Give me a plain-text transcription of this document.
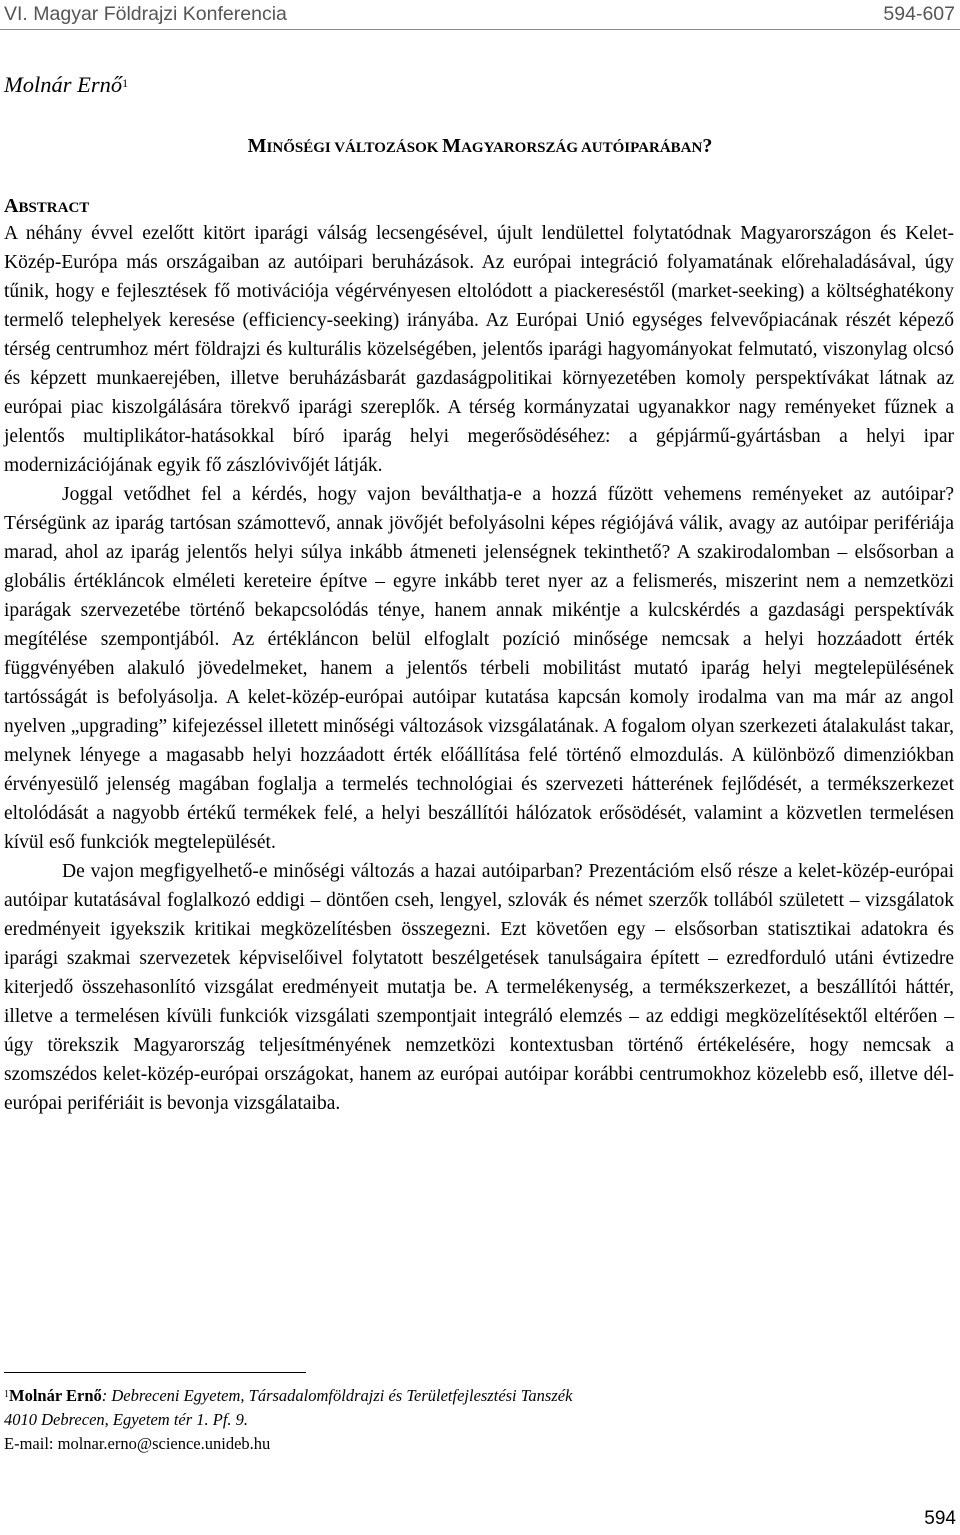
VI. Magyar Földrajzi Konferencia	594-607
Molnár Ernő$^1$
MINŐSÉGI VÁLTOZÁSOK MAGYARORSZÁG AUTÓIPARÁBAN?
ABSTRACT

A néhány évvel ezelőtt kitört iparági válság lecsengésével, újult lendülettel folytatódnak Magyarországon és Kelet-Közép-Európa más országaiban az autóipari beruházások. Az európai integráció folyamatának előrehaladásával, úgy tűnik, hogy e fejlesztések fő motivációja végérvényesen eltolódott a piackereséstől (market-seeking) a költséghatékony termelő telephelyek keresése (efficiency-seeking) irányába. Az Európai Unió egységes felvevőpiacának részét képező térség centrumhoz mért földrajzi és kulturális közelségében, jelentős iparági hagyományokat felmutató, viszonylag olcsó és képzett munkaerejében, illetve beruházásbarát gazdaságpolitikai környezetében komoly perspektívákat látnak az európai piac kiszolgálására törekvő iparági szereplők. A térség kormányzatai ugyanakkor nagy reményeket fűznek a jelentős multiplikátor-hatásokkal bíró iparág helyi megerősödéséhez: a gépjármű-gyártásban a helyi ipar modernizációjának egyik fő zászlóvivőjét látják.

Joggal vetődhet fel a kérdés, hogy vajon beválthatja-e a hozzá fűzött vehemens reményeket az autóipar? Térségünk az iparág tartósan számottevő, annak jövőjét befolyásolni képes régiójává válik, avagy az autóipar perifériája marad, ahol az iparág jelentős helyi súlya inkább átmeneti jelenségnek tekinthető? A szakirodalomban – elsősorban a globális értékláncok elméleti kereteire építve – egyre inkább teret nyer az a felismerés, miszerint nem a nemzetközi iparágak szervezetébe történő bekapcsolódás ténye, hanem annak mikéntje a kulcskérdés a gazdasági perspektívák megítélése szempontjából. Az értékláncon belül elfoglalt pozíció minősége nemcsak a helyi hozzáadott érték függvényében alakuló jövedelmeket, hanem a jelentős térbeli mobilitást mutató iparág helyi megtelepülésének tartósságát is befolyásolja. A kelet-közép-európai autóipar kutatása kapcsán komoly irodalma van ma már az angol nyelven „upgrading” kifejezéssel illetett minőségi változások vizsgálatának. A fogalom olyan szerkezeti átalakulást takar, melynek lényege a magasabb helyi hozzáadott érték előállítása felé történő elmozdulás. A különböző dimenziókban érvényesülő jelenség magában foglalja a termelés technológiai és szervezeti hátterének fejlődését, a termékszerkezet eltolódását a nagyobb értékű termékek felé, a helyi beszállítói hálózatok erősödését, valamint a közvetlen termelésen kívül eső funkciók megtelepülését.

De vajon megfigyelhető-e minőségi változás a hazai autóiparban? Prezentációm első része a kelet-közép-európai autóipar kutatásával foglalkozó eddigi – döntően cseh, lengyel, szlovák és német szerzők tollából született – vizsgálatok eredményeit igyekszik kritikai megközelítésben összegezni. Ezt követően egy – elsősorban statisztikai adatokra és iparági szakmai szervezetek képviselőivel folytatott beszélgetések tanulságaira épített – ezredforduló utáni évtizedre kiterjedő összehasonlító vizsgálat eredményeit mutatja be. A termelékenység, a termékszerkezet, a beszállítói háttér, illetve a termelésen kívüli funkciók vizsgálati szempontjait integráló elemzés – az eddigi megközelítésektől eltérően – úgy törekszik Magyarország teljesítményének nemzetközi kontextusban történő értékelésére, hogy nemcsak a szomszédos kelet-közép-európai országokat, hanem az európai autóipar korábbi centrumokhoz közelebb eső, illetve dél-európai perifériáit is bevonja vizsgálataiba.

$^1$Molnár Ernő: Debreceni Egyetem, Társadalomföldrajzi és Területfejlesztési Tanszék
4010 Debrecen, Egyetem tér 1. Pf. 9.
E-mail: molnar.erno@science.unideb.hu
594
